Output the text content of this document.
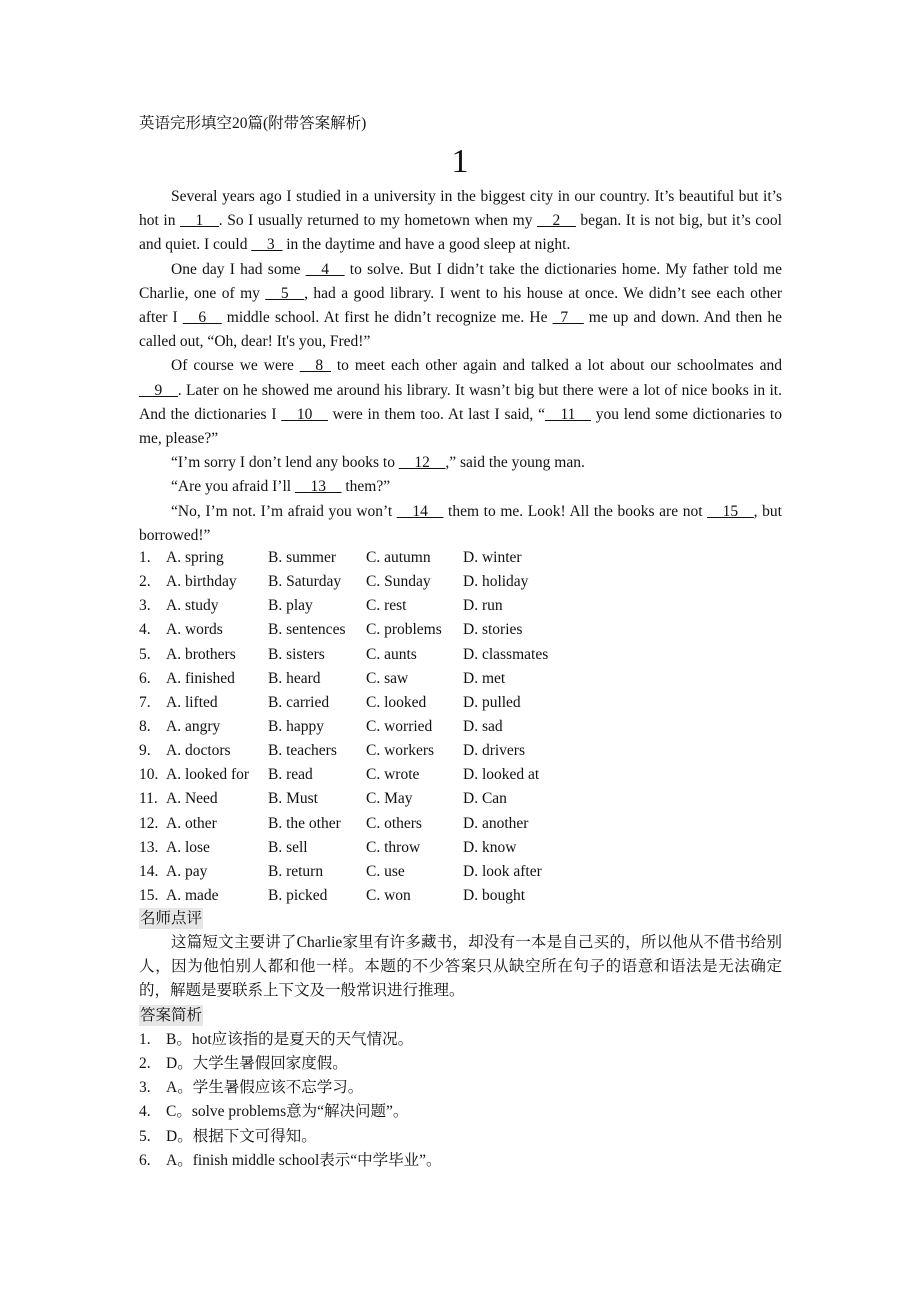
英语完形填空20篇(附带答案解析)
1

Several years ago I studied in a university in the biggest city in our country. It’s beautiful but it’s hot in __1__. So I usually returned to my hometown when my __2__ began. It is not big, but it’s cool and quiet. I could __3_ in the daytime and have a good sleep at night.

One day I had some __4__ to solve. But I didn’t take the dictionaries home. My father told me Charlie, one of my __5__, had a good library. I went to his house at once. We didn’t see each other after I __6__ middle school. At first he didn’t recognize me. He _7__ me up and down. And then he called out, “Oh, dear! It's you, Fred!”

Of course we were __8_ to meet each other again and talked a lot about our schoolmates and __9__. Later on he showed me around his library. It wasn’t big but there were a lot of nice books in it. And the dictionaries I __10__ were in them too. At last I said, “__11__ you lend some dictionaries to me, please?”

“I’m sorry I don’t lend any books to __12__,” said the young man.

“Are you afraid I’ll __13__ them?”

“No, I’m not. I’m afraid you won’t __14__ them to me. Look! All the books are not __15__, but borrowed!”

1. A. spring	B. summer C. autumn D. winter
2. A. birthday B. Saturday C. Sunday D. holiday
3. A. study	B. play	C. rest	D. run
4. A. words	B. sentences C. problems D. stories
5. A. brothers B. sisters	C. aunts	D. classmates
6. A. finished B. heard	C. saw	D. met
7. A. lifted	B. carried C. looked D. pulled
8. A. angry	B. happy	C. worried D. sad
9. A. doctors B. teachers C. workers D. drivers
10. A. looked for B. read	C. wrote	D. looked at
11. A. Need	B. Must	C. May	D. Can
12. A. other	B. the other C. others	D. another
13. A. lose	B. sell	C. throw	D. know
14. A. pay	B. return	C. use	D. look after
15. A. made	B. picked C. won	D. bought
名师点评

这篇短文主要讲了Charlie家里有许多藏书，却没有一本是自己买的，所以他从不借书给别人，因为他怕别人都和他一样。本题的不少答案只从缺空所在句子的语意和语法是无法确定的，解题是要联系上下文及一般常识进行推理。

答案简析
1. B。hot应该指的是夏天的天气情况。
2. D。大学生暑假回家度假。
3. A。学生暑假应该不忘学习。
4. C。solve problems意为“解决问题”。
5. D。根据下文可得知。
6. A。finish middle school表示“中学毕业”。
